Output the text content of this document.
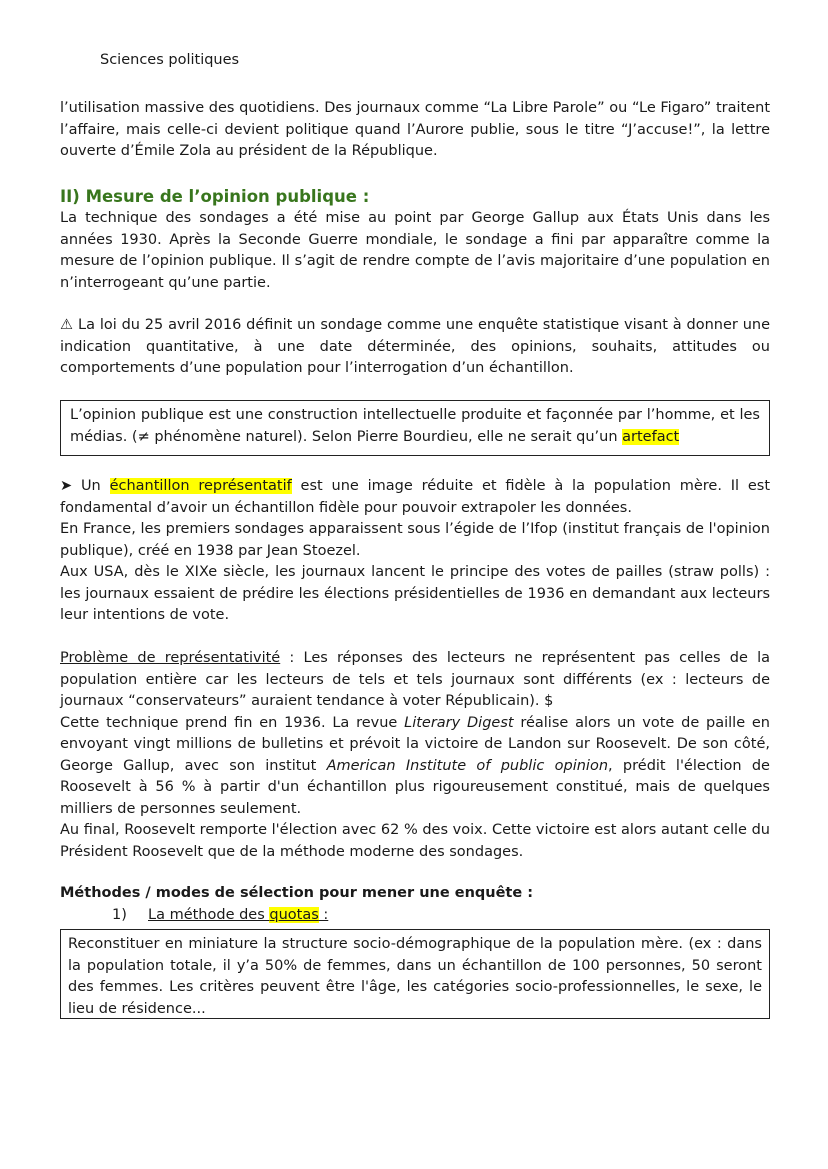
Sciences politiques

l’utilisation massive des quotidiens. Des journaux comme “La Libre Parole” ou “Le Figaro” traitent l’affaire, mais celle-ci devient politique quand l’Aurore publie, sous le titre “J’accuse!”, la lettre ouverte d’Émile Zola au président de la République.

II) Mesure de l’opinion publique :

La technique des sondages a été mise au point par George Gallup aux États Unis dans les années 1930. Après la Seconde Guerre mondiale, le sondage a fini par apparaître comme la mesure de l’opinion publique. Il s’agit de rendre compte de l’avis majoritaire d’une population en n’interrogeant qu’une partie.

⚠ La loi du 25 avril 2016 définit un sondage comme une enquête statistique visant à donner une indication quantitative, à une date déterminée, des opinions, souhaits, attitudes ou comportements d’une population pour l’interrogation d’un échantillon.

L’opinion publique est une construction intellectuelle produite et façonnée par l’homme, et les médias. (≠ phénomène naturel). Selon Pierre Bourdieu, elle ne serait qu’un artefact

➤ Un échantillon représentatif est une image réduite et fidèle à la population mère. Il est fondamental d’avoir un échantillon fidèle pour pouvoir extrapoler les données.

En France, les premiers sondages apparaissent sous l’égide de l’Ifop (institut français de l'opinion publique), créé en 1938 par Jean Stoezel.

Aux USA, dès le XIXe siècle, les journaux lancent le principe des votes de pailles (straw polls) : les journaux essaient de prédire les élections présidentielles de 1936 en demandant aux lecteurs leur intentions de vote.

Problème de représentativité : Les réponses des lecteurs ne représentent pas celles de la population entière car les lecteurs de tels et tels journaux sont différents (ex : lecteurs de journaux “conservateurs” auraient tendance à voter Républicain). $

Cette technique prend fin en 1936. La revue Literary Digest réalise alors un vote de paille en envoyant vingt millions de bulletins et prévoit la victoire de Landon sur Roosevelt. De son côté, George Gallup, avec son institut American Institute of public opinion, prédit l'élection de Roosevelt à 56 % à partir d'un échantillon plus rigoureusement constitué, mais de quelques milliers de personnes seulement.

Au final, Roosevelt remporte l'élection avec 62 % des voix. Cette victoire est alors autant celle du Président Roosevelt que de la méthode moderne des sondages.

Méthodes / modes de sélection pour mener une enquête :
1) La méthode des quotas :
Reconstituer en miniature la structure socio-démographique de la population mère. (ex : dans la population totale, il y’a 50% de femmes, dans un échantillon de 100 personnes, 50 seront des femmes. Les critères peuvent être l'âge, les catégories socio-professionnelles, le sexe, le lieu de résidence...
